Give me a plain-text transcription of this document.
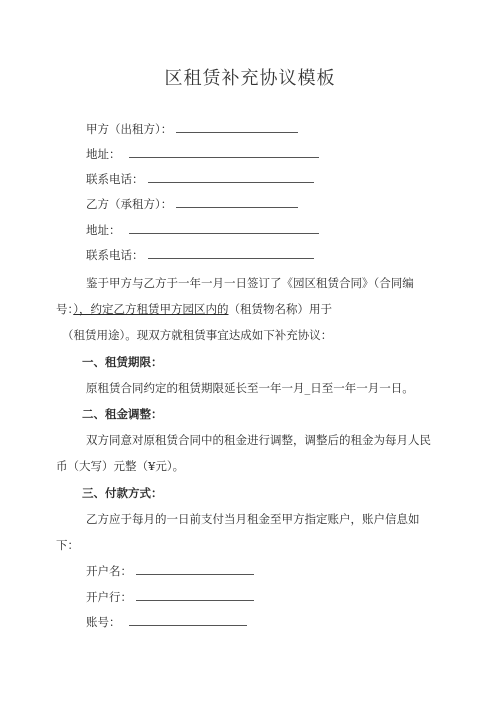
区租赁补充协议模板
甲方（出租方）：
地址：
联系电话：
乙方（承租方）：
地址：
联系电话：
鉴于甲方与乙方于一年一月一日签订了《园区租赁合同》（合同编
号：），约定乙方租赁甲方园区内的（租赁物名称）用于
（租赁用途）。现双方就租赁事宜达成如下补充协议：
一、租赁期限：
原租赁合同约定的租赁期限延长至一年一月_日至一年一月一日。
二、租金调整：
双方同意对原租赁合同中的租金进行调整，调整后的租金为每月人民
币（大写）元整（¥元）。
三、付款方式：
乙方应于每月的一日前支付当月租金至甲方指定账户，账户信息如
下：
开户名：
开户行：
账号：
